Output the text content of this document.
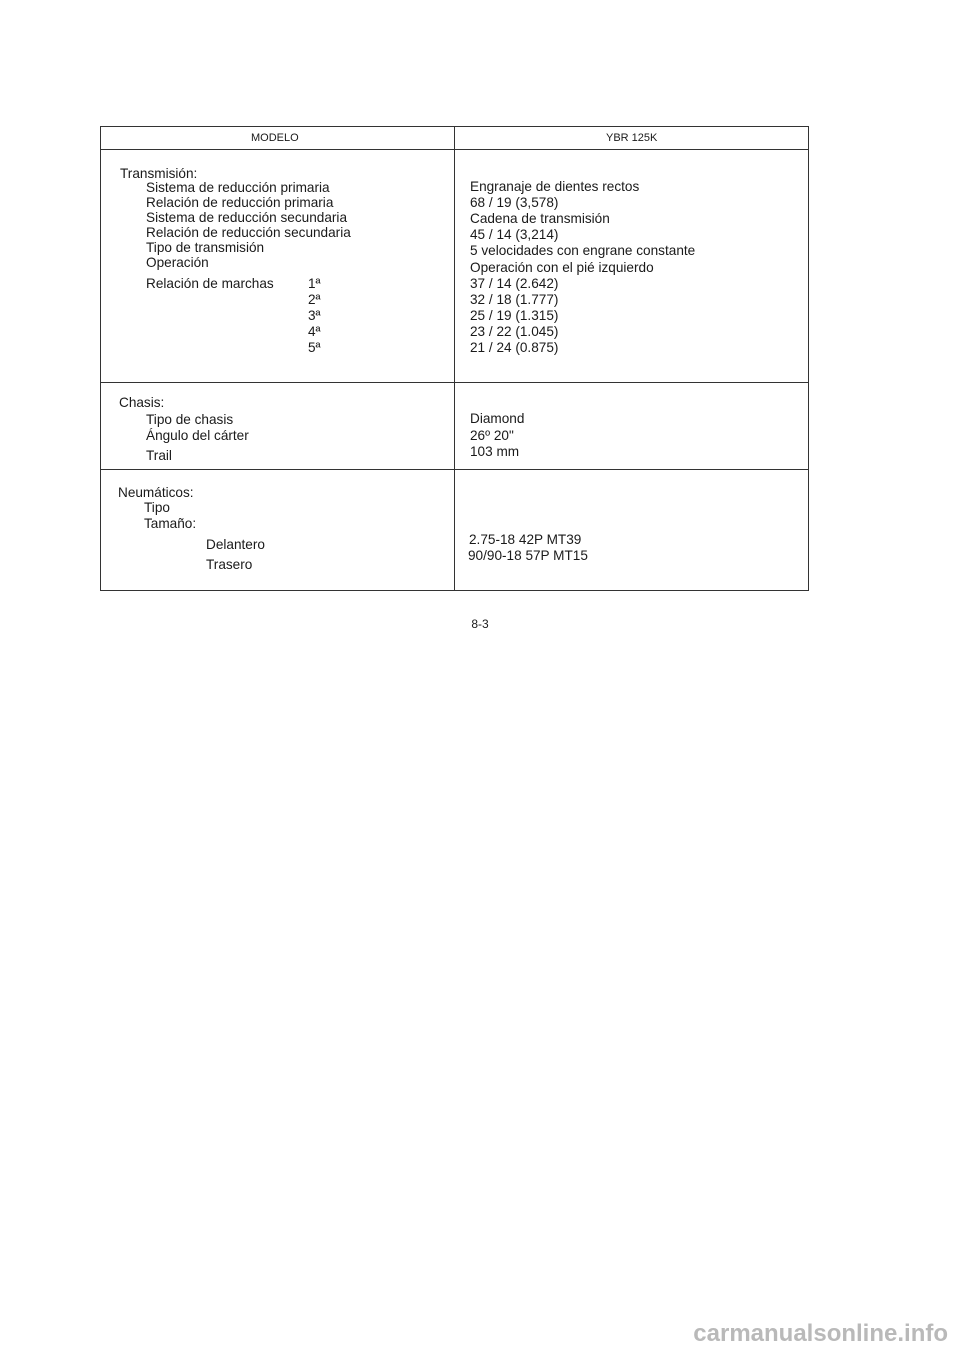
MODELO	YBR 125K
Transmisión:
Sistema de reducción primaria
Relación de reducción primaria
Sistema de reducción secundaria
Relación de reducción secundaria
Tipo de transmisión
Operación
Relación de marchas	1ª
2ª
3ª
4ª
5ª
Engranaje de dientes rectos
68 / 19 (3,578)
Cadena de transmisión
45 / 14 (3,214)
5 velocidades con engrane constante
Operación con el pié izquierdo
37 / 14 (2.642)
32 / 18 (1.777)
25 / 19 (1.315)
23 / 22 (1.045)
21 / 24 (0.875)
Chasis:
Tipo de chasis
Ángulo del cárter
Trail
Diamond
26º 20"
103 mm
Neumáticos:
Tipo
Tamaño:
Delantero
Trasero
2.75-18 42P MT39
90/90-18 57P MT15
8-3
carmanualsonline.info
